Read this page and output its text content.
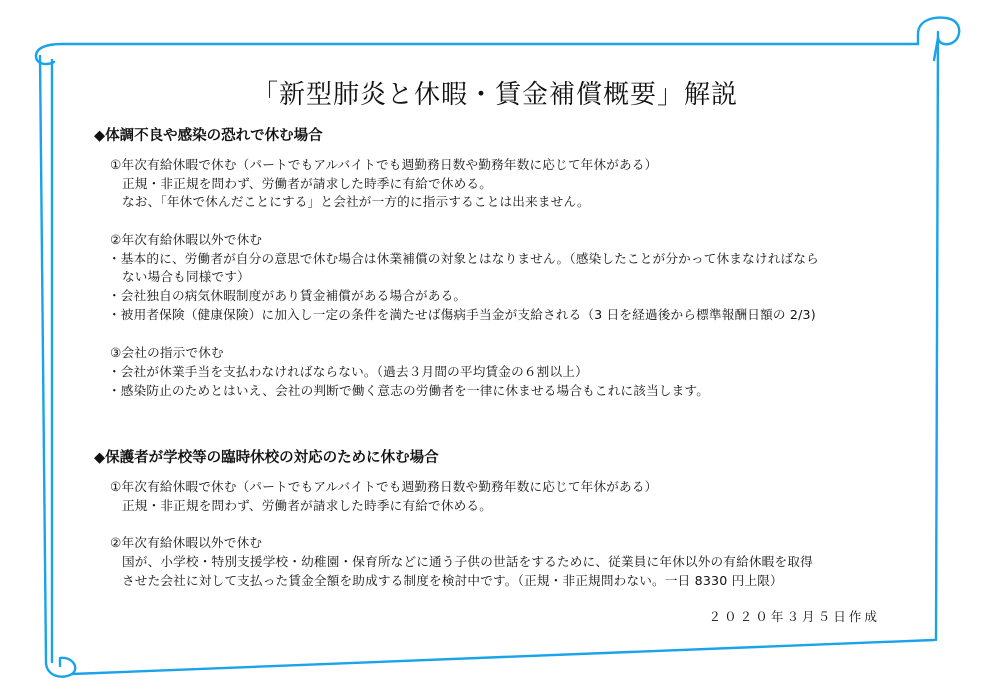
「新型肺炎と休暇・賃金補償概要」解説
◆体調不良や感染の恐れで休む場合
①年次有給休暇で休む（パートでもアルバイトでも週勤務日数や勤務年数に応じて年休がある）
正規・非正規を問わず、労働者が請求した時季に有給で休める。
なお、「年休で休んだことにする」と会社が一方的に指示することは出来ません。
②年次有給休暇以外で休む
・基本的に、労働者が自分の意思で休む場合は休業補償の対象とはなりません。（感染したことが分かって休まなければなら
ない場合も同様です）
・会社独自の病気休暇制度があり賃金補償がある場合がある。
・被用者保険（健康保険）に加入し一定の条件を満たせば傷病手当金が支給される（3 日を経過後から標準報酬日額の 2/3)
③会社の指示で休む
・会社が休業手当を支払わなければならない。（過去３月間の平均賃金の６割以上）
・感染防止のためとはいえ、会社の判断で働く意志の労働者を一律に休ませる場合もこれに該当します。
◆保護者が学校等の臨時休校の対応のために休む場合
①年次有給休暇で休む（パートでもアルバイトでも週勤務日数や勤務年数に応じて年休がある）
正規・非正規を問わず、労働者が請求した時季に有給で休める。
②年次有給休暇以外で休む
国が、小学校・特別支援学校・幼稚園・保育所などに通う子供の世話をするために、従業員に年休以外の有給休暇を取得
させた会社に対して支払った賃金全額を助成する制度を検討中です。（正規・非正規問わない。一日 8330 円上限）
２０２０年３月５日作成
